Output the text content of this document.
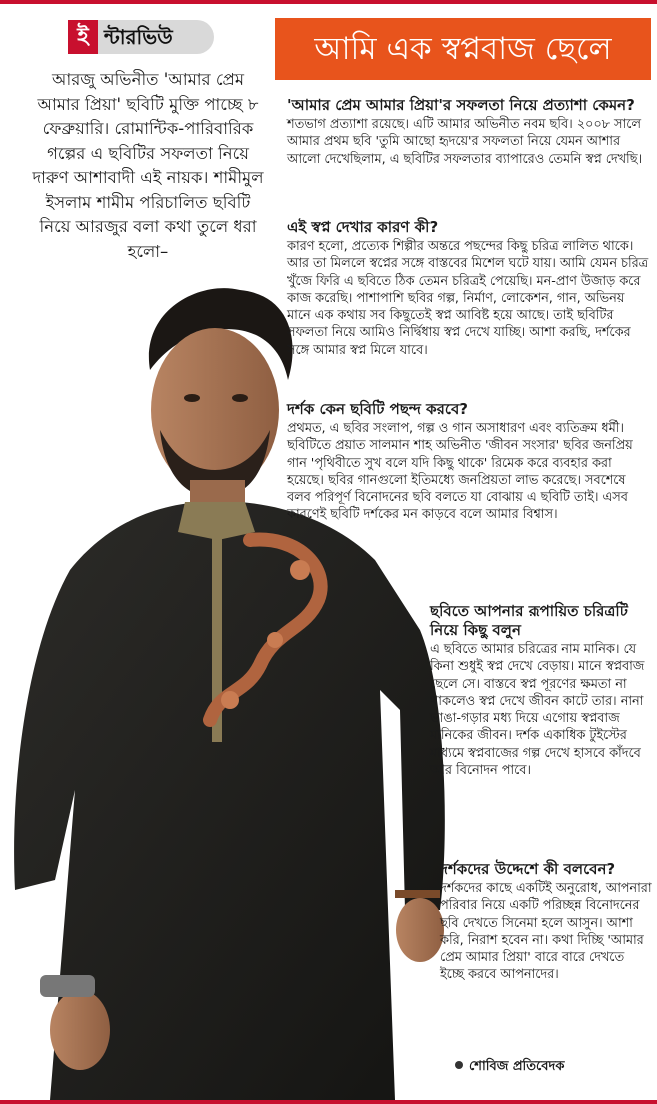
ই ন্টারভিউ	আমি এক স্বপ্নবাজ ছেলে
আরজু অভিনীত 'আমার প্রেম আমার প্রিয়া' ছবিটি মুক্তি পাচ্ছে ৮ ফেব্রুয়ারি। রোমান্টিক-পারিবারিক গল্পের এ ছবিটির সফলতা নিয়ে দারুণ আশাবাদী এই নায়ক। শামীমুল ইসলাম শামীম পরিচালিত ছবিটি নিয়ে আরজুর বলা কথা তুলে ধরা হলো–
'আমার প্রেম আমার প্রিয়া'র সফলতা নিয়ে প্রত্যাশা কেমন?

শতভাগ প্রত্যাশা রয়েছে। এটি আমার অভিনীত নবম ছবি। ২০০৮ সালে আমার প্রথম ছবি 'তুমি আছো হৃদয়ে'র সফলতা নিয়ে যেমন আশার আলো দেখেছিলাম, এ ছবিটির সফলতার ব্যাপারেও তেমনি স্বপ্ন দেখছি।

এই স্বপ্ন দেখার কারণ কী?

কারণ হলো, প্রত্যেক শিল্পীর অন্তরে পছন্দের কিছু চরিত্র লালিত থাকে। আর তা মিললে স্বপ্নের সঙ্গে বাস্তবের মিশেল ঘটে যায়। আমি যেমন চরিত্র খুঁজে ফিরি এ ছবিতে ঠিক তেমন চরিত্রই পেয়েছি। মন-প্রাণ উজাড় করে কাজ করেছি। পাশাপাশি ছবির গল্প, নির্মাণ, লোকেশন, গান, অভিনয় মানে এক কথায় সব কিছুতেই স্বপ্ন আবিষ্ট হয়ে আছে। তাই ছবিটির সফলতা নিয়ে আমিও নির্দ্বিধায় স্বপ্ন দেখে যাচ্ছি। আশা করছি, দর্শকের সঙ্গে আমার স্বপ্ন মিলে যাবে।

দর্শক কেন ছবিটি পছন্দ করবে?

প্রথমত, এ ছবির সংলাপ, গল্প ও গান অসাধারণ এবং ব্যতিক্রম ধর্মী। ছবিটিতে প্রয়াত সালমান শাহ অভিনীত 'জীবন সংসার' ছবির জনপ্রিয় গান 'পৃথিবীতে সুখ বলে যদি কিছু থাকে' রিমেক করে ব্যবহার করা হয়েছে। ছবির গানগুলো ইতিমধ্যে জনপ্রিয়তা লাভ করেছে। সবশেষে বলব পরিপূর্ণ বিনোদনের ছবি বলতে যা বোঝায় এ ছবিটি তাই। এসব কারণেই ছবিটি দর্শকের মন কাড়বে বলে আমার বিশ্বাস।

ছবিতে আপনার রূপায়িত চরিত্রটি নিয়ে কিছু বলুন

এ ছবিতে আমার চরিত্রের নাম মানিক। যে কিনা শুধুই স্বপ্ন দেখে বেড়ায়। মানে স্বপ্নবাজ ছেলে সে। বাস্তবে স্বপ্ন পূরণের ক্ষমতা না থাকলেও স্বপ্ন দেখে জীবন কাটে তার। নানা ভাঙা-গড়ার মধ্য দিয়ে এগোয় স্বপ্নবাজ মানিকের জীবন। দর্শক একাধিক টুইস্টের মাধ্যমে স্বপ্নবাজের গল্প দেখে হাসবে কাঁদবে আর বিনোদন পাবে।

দর্শকদের উদ্দেশে কী বলবেন?

দর্শকদের কাছে একটিই অনুরোধ, আপনারা পরিবার নিয়ে একটি পরিচ্ছন্ন বিনোদনের ছবি দেখতে সিনেমা হলে আসুন। আশা করি, নিরাশ হবেন না। কথা দিচ্ছি 'আমার প্রেম আমার প্রিয়া' বারে বারে দেখতে ইচ্ছে করবে আপনাদের।

শোবিজ প্রতিবেদক
